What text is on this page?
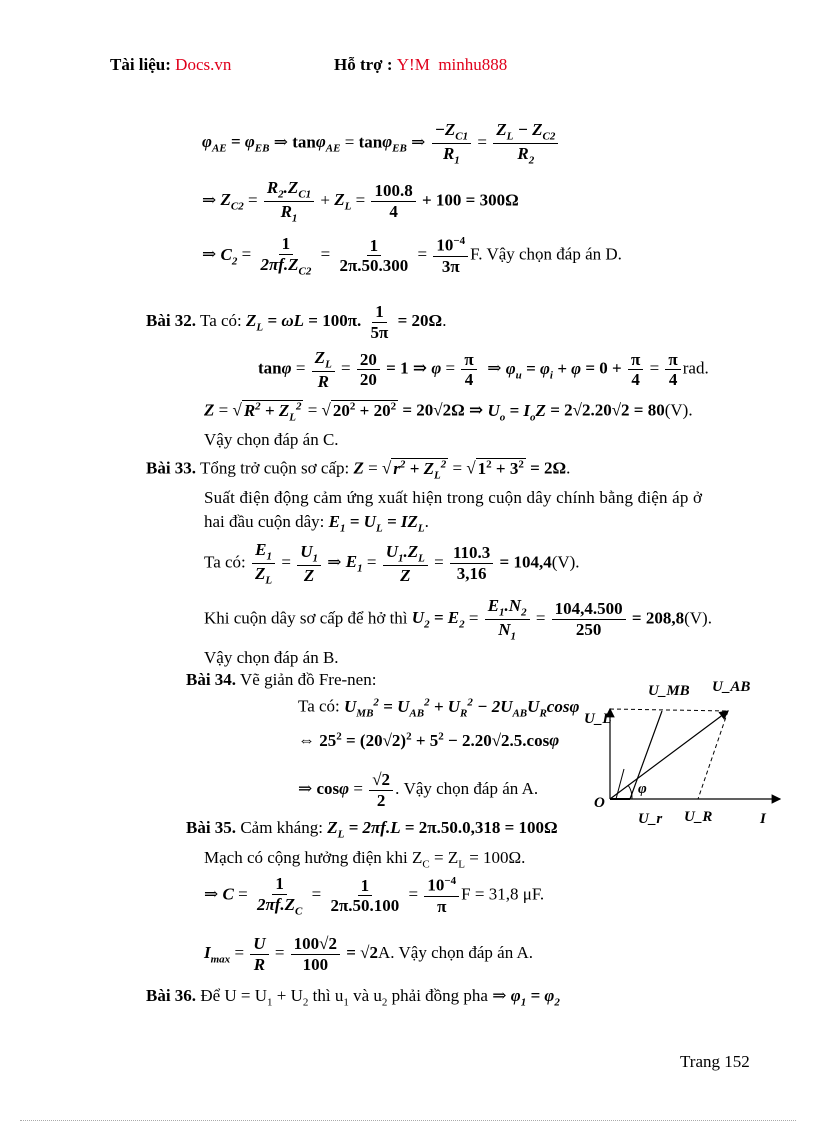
Tài liệu: Docs.vn	Hỗ trợ : Y!M minhu888
$\varphi_{AE} = \varphi_{EB}$ ⇒ tanφ$_{AE}$ = tanφ$_{EB}$ ⇒ $\frac{-Z_{C1}}{R_1} = \frac{Z_L - Z_{C2}}{R_2}$
⇒ $Z_{C2} = \frac{R_2.Z_{C1}}{R_1} + Z_L = \frac{100.8}{4} + 100 = 300\Omega$
⇒ $C_2 = \frac{1}{2\pi f.Z_{C2}} = \frac{1}{2\pi.50.300} = \frac{10^{-4}}{3\pi} F$. Vậy chọn đáp án D.
Bài 32. Ta có: $Z_L = \omega L = 100\pi$. $\frac{1}{5\pi} = 20\Omega$.
$\tan\varphi = \frac{Z_L}{R} = \frac{20}{20} = 1$ ⇒ $\varphi = \frac{\pi}{4}$ ⇒ $\varphi_u = \varphi_i + \varphi = 0 + \frac{\pi}{4} = \frac{\pi}{4}$ rad.
Z = √ $R^2 + Z_L^2$ = √ $20^2 + 20^2 = 20√2\Omega$ ⇒ $U_o = I_oZ = 2√2.20√2 = 80(V)$.
Vậy chọn đáp án C.
Bài 33. Tổng trở cuộn sơ cấp: Z = √ $r^2 + Z_L^2$ = √ $1^2 + 3^2 = 2\Omega$.
Suất điện động cảm ứng xuất hiện trong cuộn dây chính bằng điện áp ở
hai đầu cuộn dây: $E_1 = U_L = IZ_L$.
Ta có: $\frac{E_1}{Z_L} = \frac{U_1}{Z}$ ⇒ $E_1 = \frac{U_1.Z_L}{Z} = \frac{110.3}{3,16} = 104,4(V)$.
Khi cuộn dây sơ cấp để hở thì $U_2 = E_2 = \frac{E_1.N_2}{N_1} = \frac{104,4.500}{250} = 208,8(V)$.
Vậy chọn đáp án B.
Bài 34. Vẽ giản đồ Fre-nen:
Ta có: $U_{MB}^2 = U_{AB}^2 + U_R^2 - 2U_{AB}U_R\cos\varphi$
⇔ $25^2 = (20√2)^2 + 5^2 - 2.20√2.5.\cos\varphi$
⇒ $\cos\varphi = \frac{√2}{2}$ . Vậy chọn đáp án A.
U_MB U_AB
U_L
O
φ
U_r U_R	I
Bài 35. Cảm kháng: $Z_L = 2\pi f.L = 2\pi.50.0,318 = 100\Omega$
Mạch có cộng hưởng điện khi $Z_C = Z_L = 100\Omega$.
⇒ $C = \frac{1}{2\pi f.Z_C} = \frac{1}{2\pi.50.100} = \frac{10^{-4}}{\pi}$ F = 31,8 μF.
$I_{max} = \frac{U}{R} = \frac{100√2}{100} = √2A$. Vậy chọn đáp án A.
Bài 36. Để $U = U_1 + U_2$ thì $u_1$ và $u_2$ phải đồng pha ⇒ $\varphi_1 = \varphi_2$
Trang 152
